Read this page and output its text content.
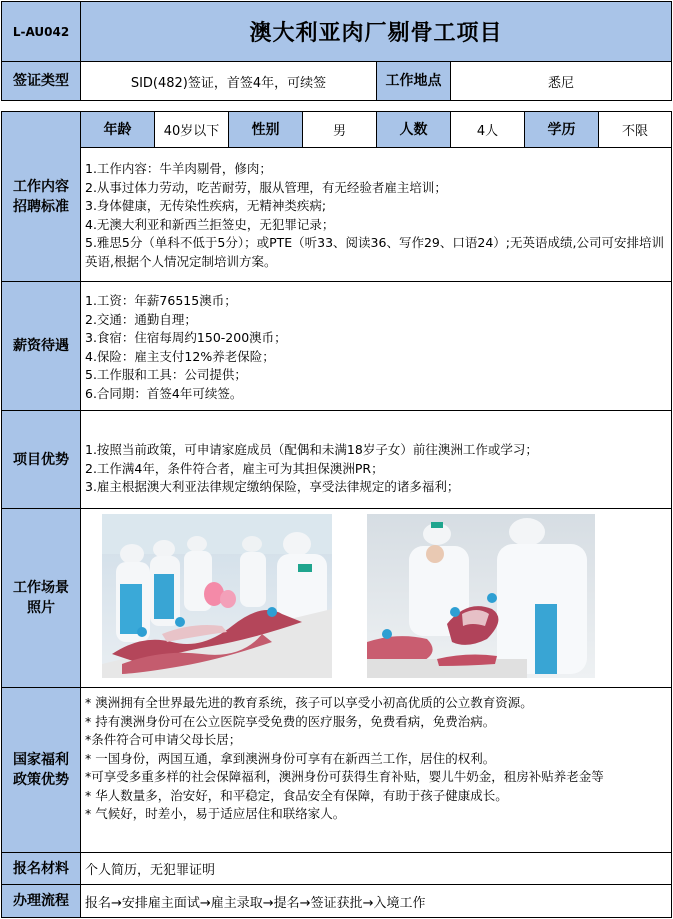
L-AU042	澳大利亚肉厂剔骨工项目
签证类型	SID(482)签证，首签4年，可续签	工作地点	悉尼
工作内容
招聘标准
年龄 40岁以下 性别	男	人数	4人	学历	不限
1.工作内容：牛羊肉剔骨，修肉；
2.从事过体力劳动，吃苦耐劳，服从管理，有无经验者雇主培训；
3.身体健康，无传染性疾病，无精神类疾病;
4.无澳大利亚和新西兰拒签史，无犯罪记录；
5.雅思5分（单科不低于5分）；或PTE（听33、阅读36、写作29、口语24）;无英语成绩,公司可安排培训英语,根据个人情况定制培训方案。
薪资待遇
1.工资：年薪76515澳币；
2.交通：通勤自理；
3.食宿：住宿每周约150-200澳币；
4.保险：雇主支付12%养老保险；
5.工作服和工具：公司提供；
6.合同期：首签4年可续签。
项目优势
1.按照当前政策，可申请家庭成员（配偶和未满18岁子女）前往澳洲工作或学习；
2.工作满4年，条件符合者，雇主可为其担保澳洲PR；
3.雇主根据澳大利亚法律规定缴纳保险，享受法律规定的诸多福利；
工作场景
照片
国家福利
政策优势
* 澳洲拥有全世界最先进的教育系统，孩子可以享受小初高优质的公立教育资源。
* 持有澳洲身份可在公立医院享受免费的医疗服务，免费看病，免费治病。
*条件符合可申请父母长居；
* 一国身份，两国互通，拿到澳洲身份可享有在新西兰工作，居住的权利。
*可享受多重多样的社会保障福利，澳洲身份可获得生育补贴，婴儿牛奶金，租房补贴养老金等
* 华人数量多，治安好，和平稳定，食品安全有保障，有助于孩子健康成长。
* 气候好，时差小，易于适应居住和联络家人。
报名材料 个人简历，无犯罪证明
办理流程 报名→安排雇主面试→雇主录取→提名→签证获批→入境工作
